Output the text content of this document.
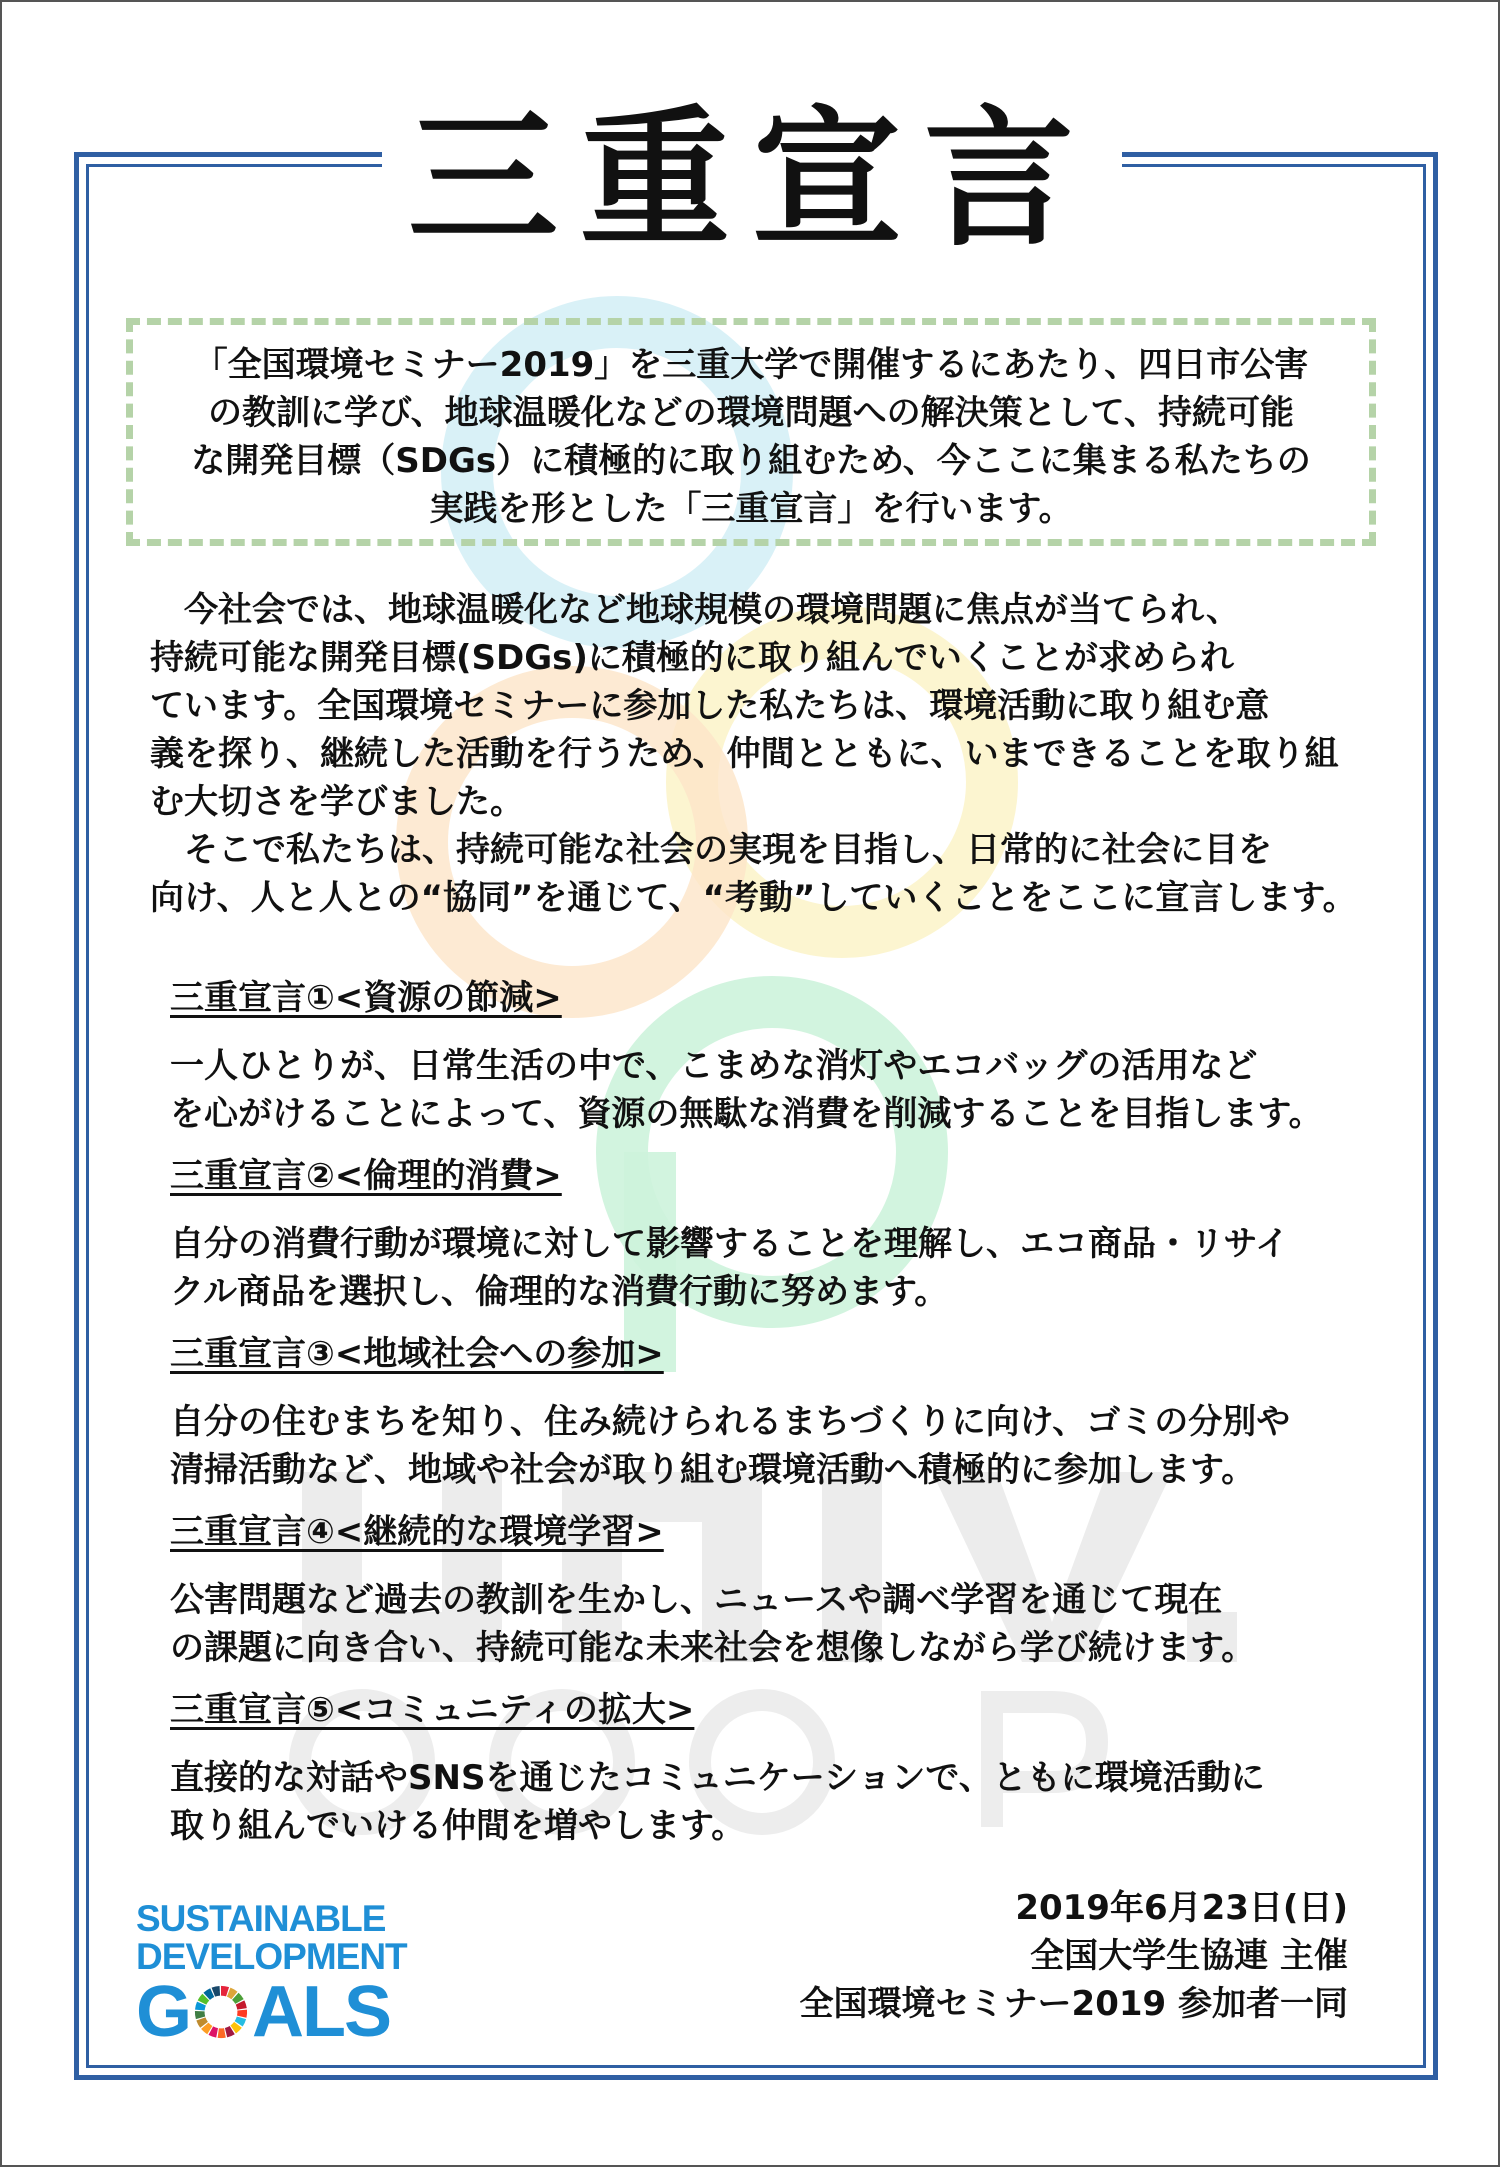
三重宣言
「全国環境セミナー2019」を三重大学で開催するにあたり、四日市公害
の教訓に学び、地球温暖化などの環境問題への解決策として、持続可能
な開発目標（SDGs）に積極的に取り組むため、今ここに集まる私たちの
実践を形とした「三重宣言」を行います。
今社会では、地球温暖化など地球規模の環境問題に焦点が当てられ、
持続可能な開発目標(SDGs)に積極的に取り組んでいくことが求められ
ています。全国環境セミナーに参加した私たちは、環境活動に取り組む意
義を探り、継続した活動を行うため、仲間とともに、いまできることを取り組
む大切さを学びました。
そこで私たちは、持続可能な社会の実現を目指し、日常的に社会に目を
向け、人と人との“協同”を通じて、“考動”していくことをここに宣言します。
三重宣言①<資源の節減>
一人ひとりが、日常生活の中で、こまめな消灯やエコバッグの活用など
を心がけることによって、資源の無駄な消費を削減することを目指します。
三重宣言②<倫理的消費>
自分の消費行動が環境に対して影響することを理解し、エコ商品・リサイ
クル商品を選択し、倫理的な消費行動に努めます。
三重宣言③<地域社会への参加>
自分の住むまちを知り、住み続けられるまちづくりに向け、ゴミの分別や
清掃活動など、地域や社会が取り組む環境活動へ積極的に参加します。
三重宣言④<継続的な環境学習>
公害問題など過去の教訓を生かし、ニュースや調べ学習を通じて現在
の課題に向き合い、持続可能な未来社会を想像しながら学び続けます。
三重宣言⑤<コミュニティの拡大>
直接的な対話やSNSを通じたコミュニケーションで、ともに環境活動に
取り組んでいける仲間を増やします。
SUSTAINABLE
DEVELOPMENT
G ALS
2019年6月23日(日)
全国大学生協連 主催
全国環境セミナー2019 参加者一同
